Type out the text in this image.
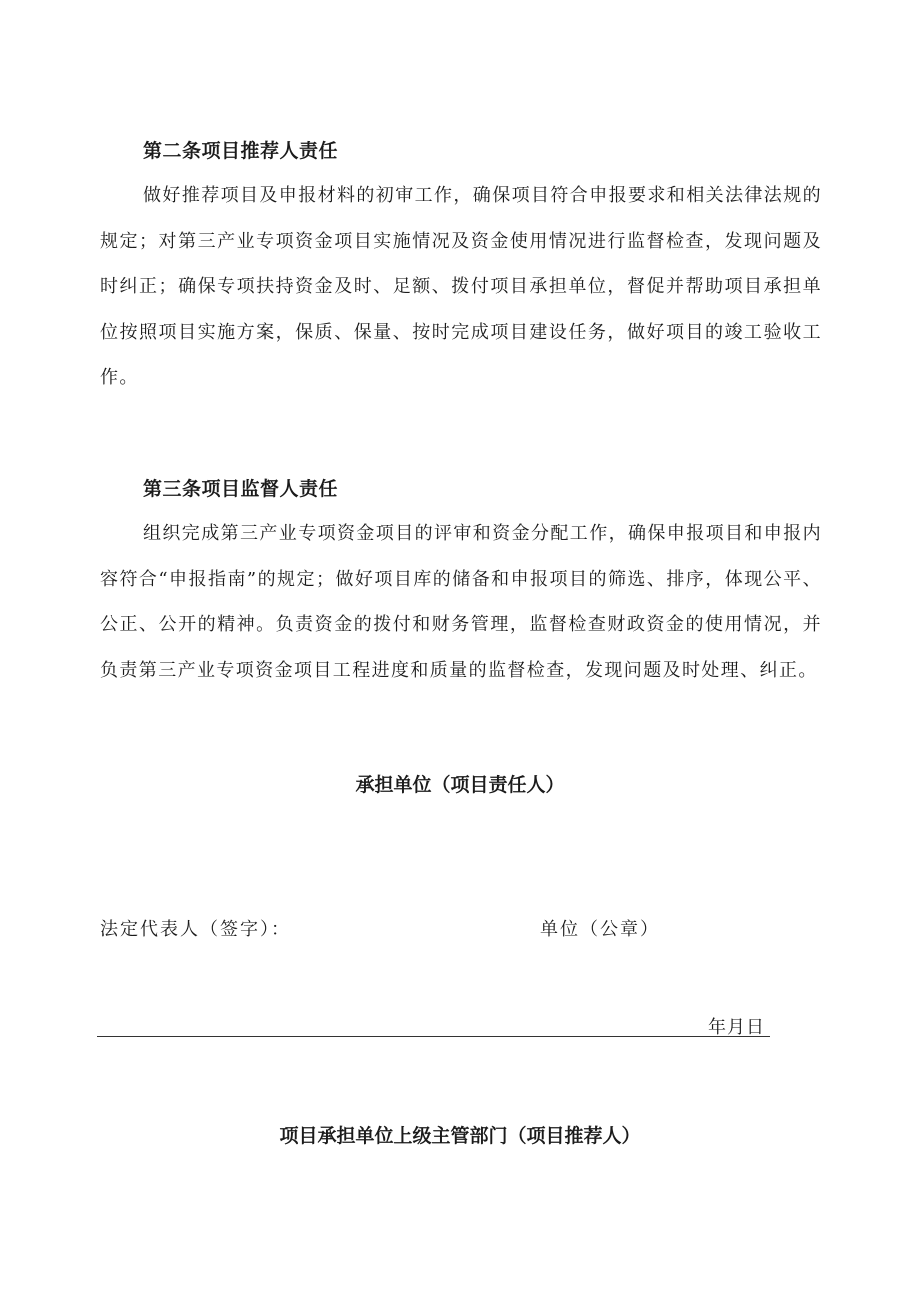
第二条项目推荐人责任

做好推荐项目及申报材料的初审工作，确保项目符合申报要求和相关法律法规的规定；对第三产业专项资金项目实施情况及资金使用情况进行监督检查，发现问题及时纠正；确保专项扶持资金及时、足额、拨付项目承担单位，督促并帮助项目承担单位按照项目实施方案，保质、保量、按时完成项目建设任务，做好项目的竣工验收工作。

第三条项目监督人责任

组织完成第三产业专项资金项目的评审和资金分配工作，确保申报项目和申报内容符合“申报指南”的规定；做好项目库的储备和申报项目的筛选、排序，体现公平、公正、公开的精神。负责资金的拨付和财务管理，监督检查财政资金的使用情况，并负责第三产业专项资金项目工程进度和质量的监督检查，发现问题及时处理、纠正。

承担单位（项目责任人）
法定代表人（签字）：	单位（公章）
年月日
项目承担单位上级主管部门（项目推荐人）
